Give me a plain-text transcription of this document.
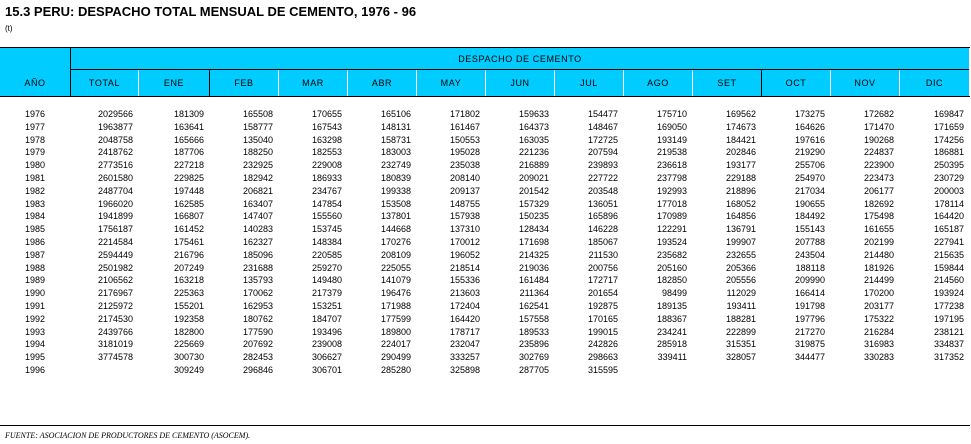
15.3 PERU: DESPACHO TOTAL MENSUAL DE CEMENTO, 1976 - 96
(t)
AÑO
DESPACHO DE CEMENTO
TOTAL	ENE	FEB	MAR	ABR	MAY	JUN	JUL	AGO	SET	OCT	NOV	DIC
1976	2029566	181309	165508	170655	165106	171802	159633	154477	175710	169562	173275	172682	169847
1977	1963877	163641	158777	167543	148131	161467	164373	148467	169050	174673	164626	171470	171659
1978	2048758	165666	135040	163298	158731	150553	163035	172725	193149	184421	197616	190268	174256
1979	2418762	187706	188250	182553	183003	195028	221236	207594	219538	202846	219290	224837	186881
1980	2773516	227218	232925	229008	232749	235038	216889	239893	236618	193177	255706	223900	250395
1981	2601580	229825	182942	186933	180839	208140	209021	227722	237798	229188	254970	223473	230729
1982	2487704	197448	206821	234767	199338	209137	201542	203548	192993	218896	217034	206177	200003
1983	1966020	162585	163407	147854	153508	148755	157329	136051	177018	168052	190655	182692	178114
1984	1941899	166807	147407	155560	137801	157938	150235	165896	170989	164856	184492	175498	164420
1985	1756187	161452	140283	153745	144668	137310	128434	146228	122291	136791	155143	161655	165187
1986	2214584	175461	162327	148384	170276	170012	171698	185067	193524	199907	207788	202199	227941
1987	2594449	216796	185096	220585	208109	196052	214325	211530	235682	232655	243504	214480	215635
1988	2501982	207249	231688	259270	225055	218514	219036	200756	205160	205366	188118	181926	159844
1989	2106562	163218	135793	149480	141079	155336	161484	172717	182850	205556	209990	214499	214560
1990	2176967	225363	170062	217379	196476	213603	211364	201654	98499	112029	166414	170200	193924
1991	2125972	155201	162953	153251	171988	172404	162541	192875	189135	193411	191798	203177	177238
1992	2174530	192358	180762	184707	177599	164420	157558	170165	188367	188281	197796	175322	197195
1993	2439766	182800	177590	193496	189800	178717	189533	199015	234241	222899	217270	216284	238121
1994	3181019	225669	207692	239008	224017	232047	235896	242826	285918	315351	319875	316983	334837
1995	3774578	300730	282453	306627	290499	333257	302769	298663	339411	328057	344477	330283	317352
1996		309249	296846	306701	285280	325898	287705	315595					
FUENTE: ASOCIACION DE PRODUCTORES DE CEMENTO (ASOCEM).
